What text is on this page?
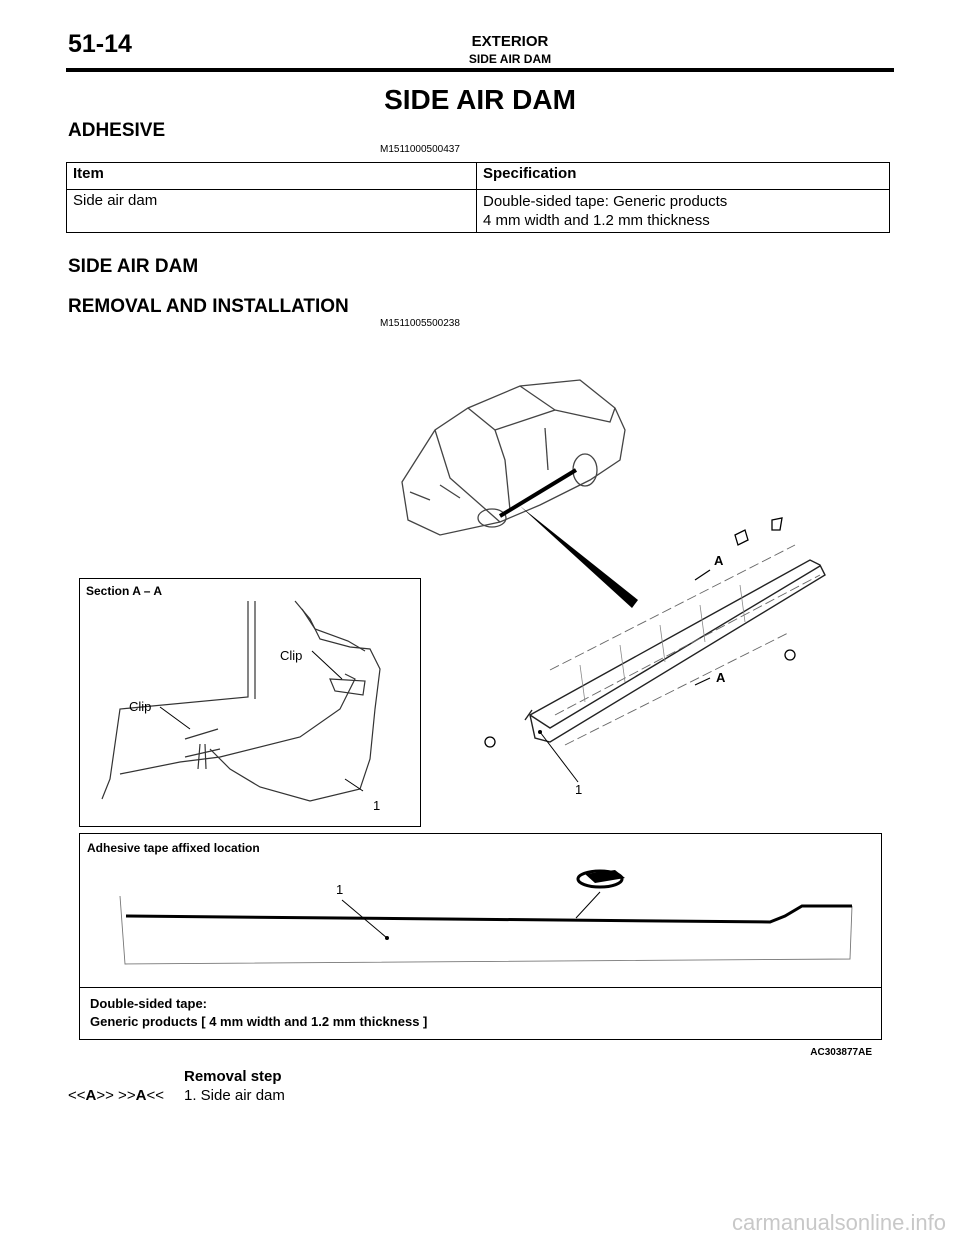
51-14	EXTERIOR
SIDE AIR DAM
SIDE AIR DAM
ADHESIVE
M1511000500437
Item	Specification
Side air dam	Double-sided tape: Generic products
4 mm width and 1.2 mm thickness
SIDE AIR DAM
REMOVAL AND INSTALLATION
M1511005500238
A
A
1
Section A – A
Clip
Clip
1
Adhesive tape affixed location
1
Double-sided tape:
Generic products [ 4 mm width and 1.2 mm thickness ]
AC303877AE
Removal step
<<A>> >>A<< 1. Side air dam
carmanualsonline.info
